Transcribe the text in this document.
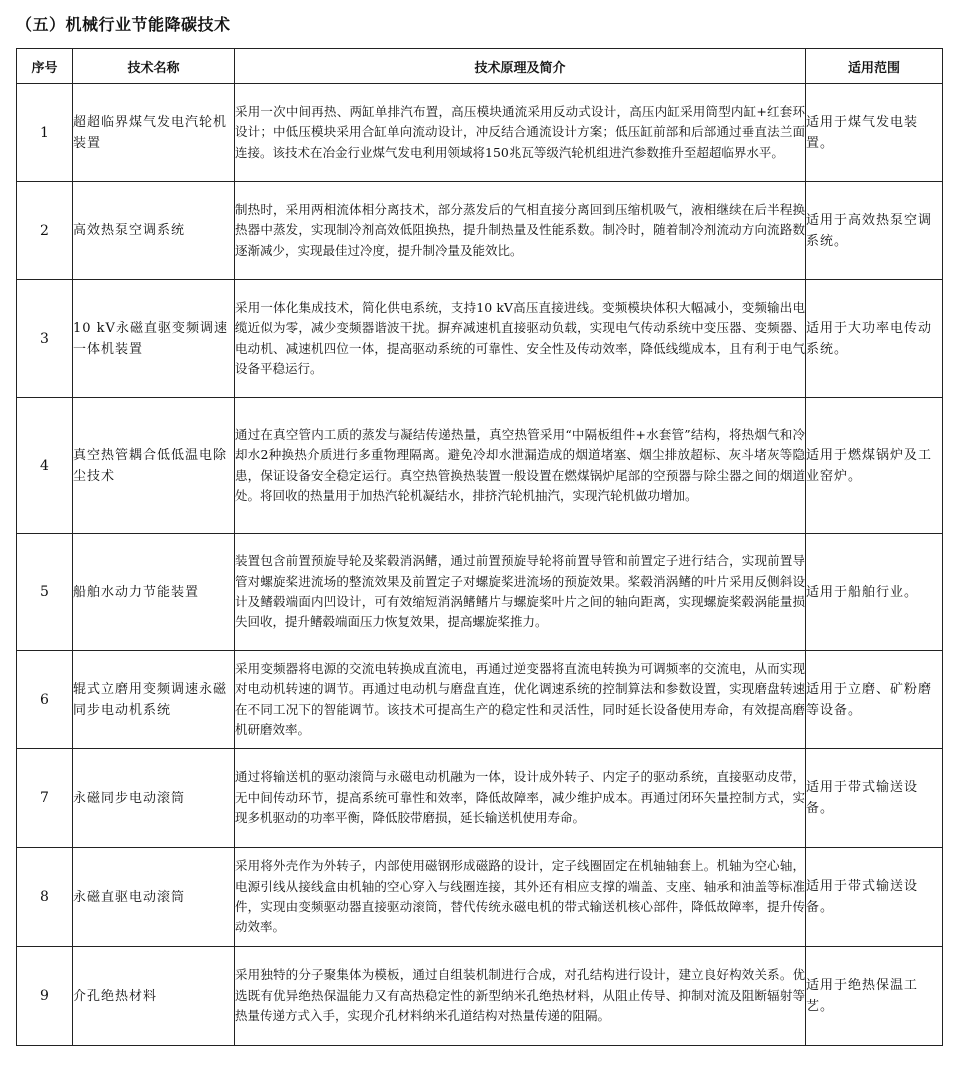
（五）机械行业节能降碳技术
序号	技术名称	技术原理及简介	适用范围
1	超超临界煤气发电汽轮机装置	采用一次中间再热、两缸单排汽布置，高压模块通流采用反动式设计，高压内缸采用筒型内缸+红套环设计；中低压模块采用合缸单向流动设计，冲反结合通流设计方案；低压缸前部和后部通过垂直法兰面连接。该技术在冶金行业煤气发电利用领域将150兆瓦等级汽轮机组进汽参数推升至超超临界水平。	适用于煤气发电装置。
2	高效热泵空调系统	制热时，采用两相流体相分离技术，部分蒸发后的气相直接分离回到压缩机吸气，液相继续在后半程换热器中蒸发，实现制冷剂高效低阻换热，提升制热量及性能系数。制冷时，随着制冷剂流动方向流路数逐渐减少，实现最佳过冷度，提升制冷量及能效比。	适用于高效热泵空调系统。
3	10 kV永磁直驱变频调速一体机装置	采用一体化集成技术，简化供电系统，支持10 kV高压直接进线。变频模块体积大幅减小，变频输出电缆近似为零，减少变频器谐波干扰。摒弃减速机直接驱动负载，实现电气传动系统中变压器、变频器、电动机、减速机四位一体，提高驱动系统的可靠性、安全性及传动效率，降低线缆成本，且有利于电气设备平稳运行。	适用于大功率电传动系统。
4	真空热管耦合低低温电除尘技术	通过在真空管内工质的蒸发与凝结传递热量，真空热管采用“中隔板组件+水套管”结构，将热烟气和冷却水2种换热介质进行多重物理隔离。避免冷却水泄漏造成的烟道堵塞、烟尘排放超标、灰斗堵灰等隐患，保证设备安全稳定运行。真空热管换热装置一般设置在燃煤锅炉尾部的空预器与除尘器之间的烟道处。将回收的热量用于加热汽轮机凝结水，排挤汽轮机抽汽，实现汽轮机做功增加。	适用于燃煤锅炉及工业窑炉。
5	船舶水动力节能装置	装置包含前置预旋导轮及桨毂消涡鳍，通过前置预旋导轮将前置导管和前置定子进行结合，实现前置导管对螺旋桨进流场的整流效果及前置定子对螺旋桨进流场的预旋效果。桨毂消涡鳍的叶片采用反侧斜设计及鳍毂端面内凹设计，可有效缩短消涡鳍鳍片与螺旋桨叶片之间的轴向距离，实现螺旋桨毂涡能量损失回收，提升鳍毂端面压力恢复效果，提高螺旋桨推力。	适用于船舶行业。
6	辊式立磨用变频调速永磁同步电动机系统	采用变频器将电源的交流电转换成直流电，再通过逆变器将直流电转换为可调频率的交流电，从而实现对电动机转速的调节。再通过电动机与磨盘直连，优化调速系统的控制算法和参数设置，实现磨盘转速在不同工况下的智能调节。该技术可提高生产的稳定性和灵活性，同时延长设备使用寿命，有效提高磨机研磨效率。	适用于立磨、矿粉磨等设备。
7	永磁同步电动滚筒	通过将输送机的驱动滚筒与永磁电动机融为一体，设计成外转子、内定子的驱动系统，直接驱动皮带，无中间传动环节，提高系统可靠性和效率，降低故障率，减少维护成本。再通过闭环矢量控制方式，实现多机驱动的功率平衡，降低胶带磨损，延长输送机使用寿命。	适用于带式输送设备。
8	永磁直驱电动滚筒	采用将外壳作为外转子，内部使用磁钢形成磁路的设计，定子线圈固定在机轴轴套上。机轴为空心轴，电源引线从接线盒由机轴的空心穿入与线圈连接，其外还有相应支撑的端盖、支座、轴承和油盖等标准件，实现由变频驱动器直接驱动滚筒，替代传统永磁电机的带式输送机核心部件，降低故障率，提升传动效率。	适用于带式输送设备。
9	介孔绝热材料	采用独特的分子聚集体为模板，通过自组装机制进行合成，对孔结构进行设计，建立良好构效关系。优选既有优异绝热保温能力又有高热稳定性的新型纳米孔绝热材料，从阻止传导、抑制对流及阻断辐射等热量传递方式入手，实现介孔材料纳米孔道结构对热量传递的阻隔。	适用于绝热保温工艺。
